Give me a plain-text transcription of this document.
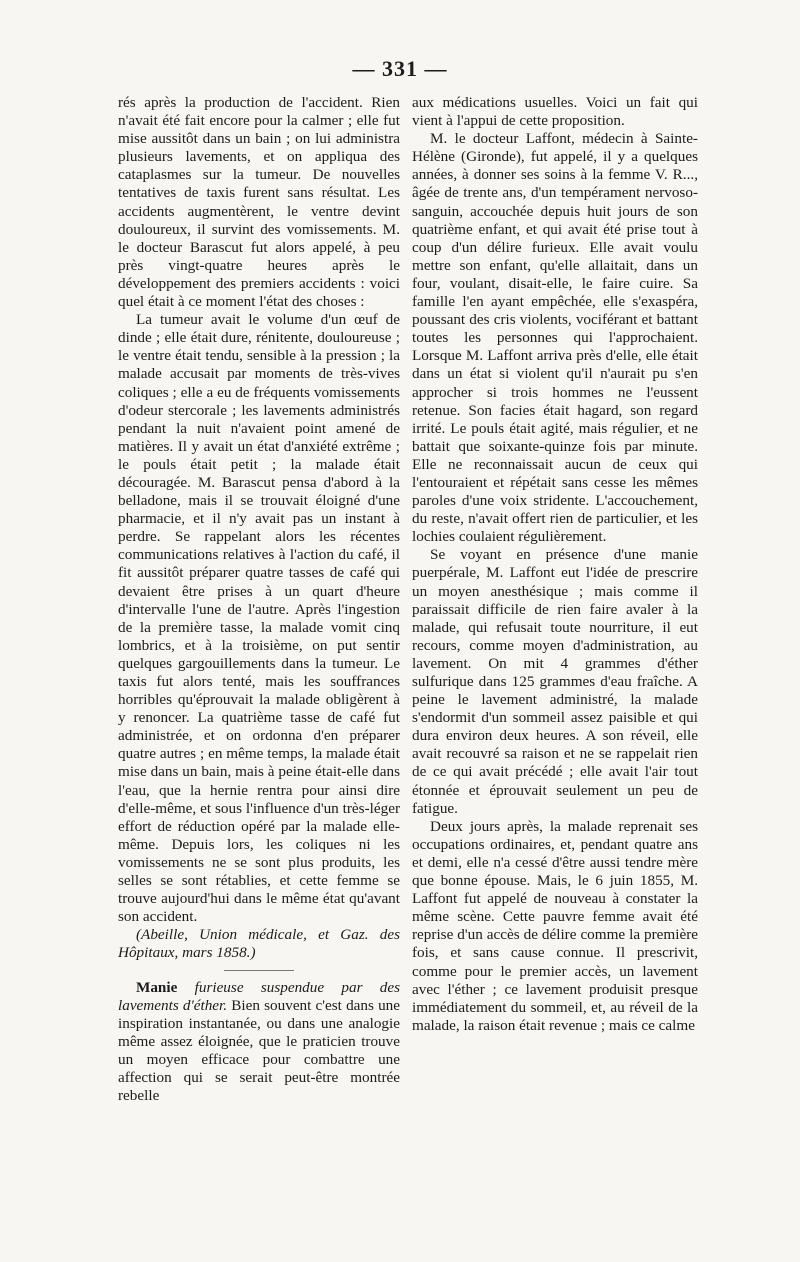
— 331 —

rés après la production de l'accident. Rien n'avait été fait encore pour la calmer ; elle fut mise aussitôt dans un bain ; on lui administra plusieurs lavements, et on appliqua des cataplasmes sur la tumeur. De nouvelles tentatives de taxis furent sans résultat. Les accidents augmentèrent, le ventre devint douloureux, il survint des vomissements. M. le docteur Barascut fut alors appelé, à peu près vingt-quatre heures après le développement des premiers accidents : voici quel était à ce moment l'état des choses :

La tumeur avait le volume d'un œuf de dinde ; elle était dure, rénitente, douloureuse ; le ventre était tendu, sensible à la pression ; la malade accusait par moments de très-vives coliques ; elle a eu de fréquents vomissements d'odeur stercorale ; les lavements administrés pendant la nuit n'avaient point amené de matières. Il y avait un état d'anxiété extrême ; le pouls était petit ; la malade était découragée. M. Barascut pensa d'abord à la belladone, mais il se trouvait éloigné d'une pharmacie, et il n'y avait pas un instant à perdre. Se rappelant alors les récentes communications relatives à l'action du café, il fit aussitôt préparer quatre tasses de café qui devaient être prises à un quart d'heure d'intervalle l'une de l'autre. Après l'ingestion de la première tasse, la malade vomit cinq lombrics, et à la troisième, on put sentir quelques gargouillements dans la tumeur. Le taxis fut alors tenté, mais les souffrances horribles qu'éprouvait la malade obligèrent à y renoncer. La quatrième tasse de café fut administrée, et on ordonna d'en préparer quatre autres ; en même temps, la malade était mise dans un bain, mais à peine était-elle dans l'eau, que la hernie rentra pour ainsi dire d'elle-même, et sous l'influence d'un très-léger effort de réduction opéré par la malade elle-même. Depuis lors, les coliques ni les vomissements ne se sont plus produits, les selles se sont rétablies, et cette femme se trouve aujourd'hui dans le même état qu'avant son accident.

(Abeille, Union médicale, et Gaz. des Hôpitaux, mars 1858.)

Manie furieuse suspendue par des lavements d'éther. Bien souvent c'est dans une inspiration instantanée, ou dans une analogie même assez éloignée, que le praticien trouve un moyen efficace pour combattre une affection qui se serait peut-être montrée rebelle

aux médications usuelles. Voici un fait qui vient à l'appui de cette proposition.

M. le docteur Laffont, médecin à Sainte-Hélène (Gironde), fut appelé, il y a quelques années, à donner ses soins à la femme V. R..., âgée de trente ans, d'un tempérament nervoso-sanguin, accouchée depuis huit jours de son quatrième enfant, et qui avait été prise tout à coup d'un délire furieux. Elle avait voulu mettre son enfant, qu'elle allaitait, dans un four, voulant, disait-elle, le faire cuire. Sa famille l'en ayant empêchée, elle s'exaspéra, poussant des cris violents, vociférant et battant toutes les personnes qui l'approchaient. Lorsque M. Laffont arriva près d'elle, elle était dans un état si violent qu'il n'aurait pu s'en approcher si trois hommes ne l'eussent retenue. Son facies était hagard, son regard irrité. Le pouls était agité, mais régulier, et ne battait que soixante-quinze fois par minute. Elle ne reconnaissait aucun de ceux qui l'entouraient et répétait sans cesse les mêmes paroles d'une voix stridente. L'accouchement, du reste, n'avait offert rien de particulier, et les lochies coulaient régulièrement.

Se voyant en présence d'une manie puerpérale, M. Laffont eut l'idée de prescrire un moyen anesthésique ; mais comme il paraissait difficile de rien faire avaler à la malade, qui refusait toute nourriture, il eut recours, comme moyen d'administration, au lavement. On mit 4 grammes d'éther sulfurique dans 125 grammes d'eau fraîche. A peine le lavement administré, la malade s'endormit d'un sommeil assez paisible et qui dura environ deux heures. A son réveil, elle avait recouvré sa raison et ne se rappelait rien de ce qui avait précédé ; elle avait l'air tout étonnée et éprouvait seulement un peu de fatigue.

Deux jours après, la malade reprenait ses occupations ordinaires, et, pendant quatre ans et demi, elle n'a cessé d'être aussi tendre mère que bonne épouse. Mais, le 6 juin 1855, M. Laffont fut appelé de nouveau à constater la même scène. Cette pauvre femme avait été reprise d'un accès de délire comme la première fois, et sans cause connue. Il prescrivit, comme pour le premier accès, un lavement avec l'éther ; ce lavement produisit presque immédiatement du sommeil, et, au réveil de la malade, la raison était revenue ; mais ce calme
